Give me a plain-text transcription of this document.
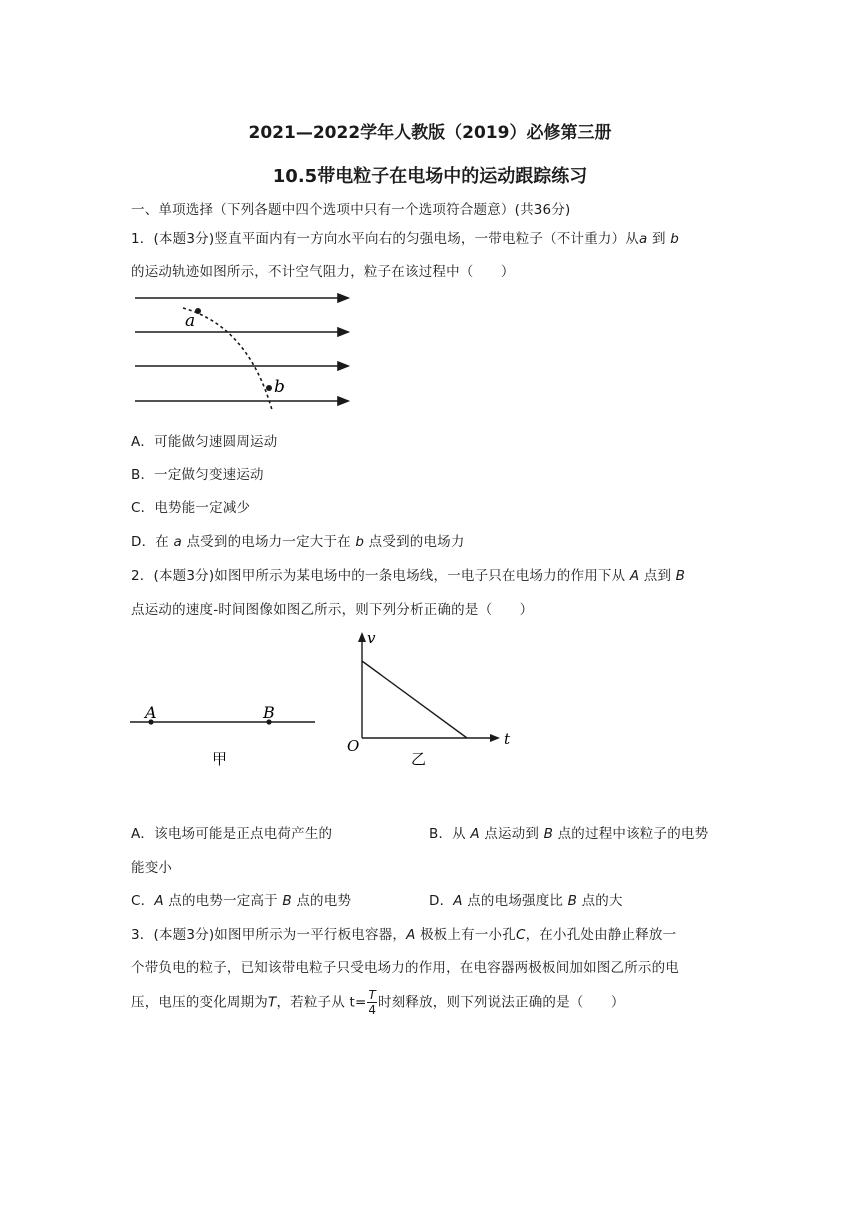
2021—2022学年人教版（2019）必修第三册
10.5带电粒子在电场中的运动跟踪练习
一、单项选择（下列各题中四个选项中只有一个选项符合题意）(共36分)
1．(本题3分)竖直平面内有一方向水平向右的匀强电场，一带电粒子（不计重力）从a 到 b
的运动轨迹如图所示，不计空气阻力，粒子在该过程中（　　）
a
b
A．可能做匀速圆周运动
B．一定做匀变速运动
C．电势能一定减少
D．在 a 点受到的电场力一定大于在 b 点受到的电场力
2．(本题3分)如图甲所示为某电场中的一条电场线，一电子只在电场力的作用下从 A 点到 B
点运动的速度-时间图像如图乙所示，则下列分析正确的是（　　）
A	B
甲
v
t
O
乙
A．该电场可能是正点电荷产生的	B．从 A 点运动到 B 点的过程中该粒子的电势
能变小
C．A 点的电势一定高于 B 点的电势	D．A 点的电场强度比 B 点的大
3．(本题3分)如图甲所示为一平行板电容器，A 极板上有一小孔C，在小孔处由静止释放一
个带负电的粒子，已知该带电粒子只受电场力的作用，在电容器两极板间加如图乙所示的电
压，电压的变化周期为T，若粒子从 $t= \frac{T}{4}$ 时刻释放，则下列说法正确的是（　　）
